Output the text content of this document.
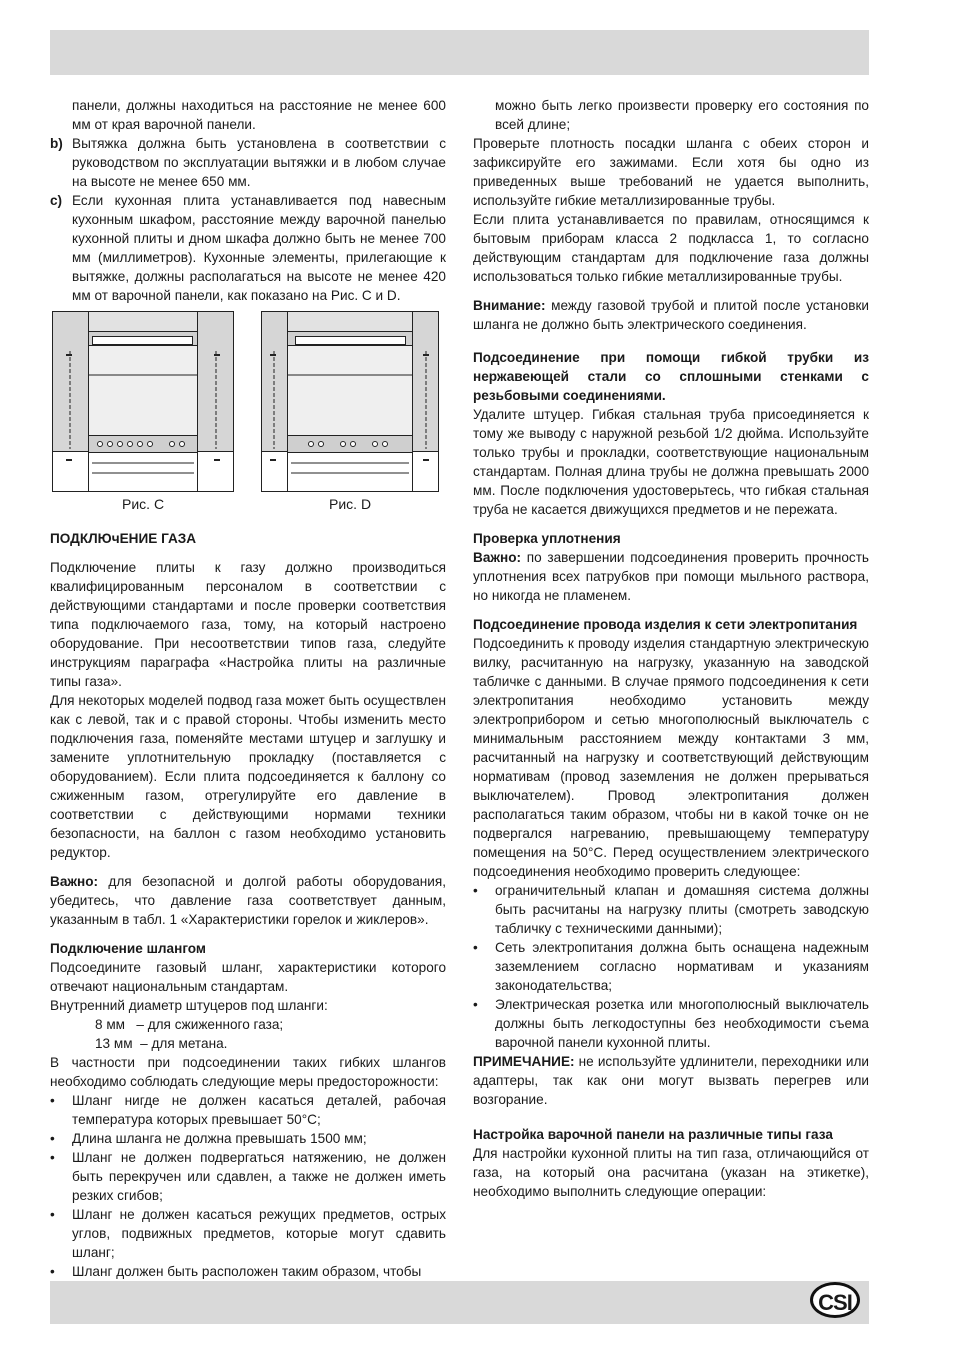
панели, должны находиться на расстояние не менее 600 мм от края варочной панели.

b) Вытяжка должна быть установлена в соответствии с руководством по эксплуатации вытяжки и в любом случае на высоте не менее 650 мм.
c) Если кухонная плита устанавливается под навесным кухонным шкафом, расстояние между варочной панелью кухонной плиты и дном шкафа должно быть не менее 700 мм (миллиметров). Кухонные элементы, прилегающие к вытяжке, должны располагаться на высоте не менее 420 мм от варочной панели, как показано на Рис. C и D.
Рис. C	Рис. D

ПОДКЛЮчЕНИЕ ГАЗА

Подключение плиты к газу должно производиться квалифицированным персоналом в соответствии с действующими стандартами и после проверки соответствия типа подключаемого газа, тому, на который настроено оборудование. При несоответствии типов газа, следуйте инструкциям параграфа «Настройка плиты на различные типы газа».

Для некоторых моделей подвод газа может быть осуществлен как с левой, так и с правой стороны. Чтобы изменить место подключения газа, поменяйте местами штуцер и заглушку и замените уплотнительную прокладку (поставляется с оборудованием). Если плита подсоединяется к баллону со сжиженным газом, отрегулируйте его давление в соответствии с действующими нормами техники безопасности, на баллон с газом необходимо установить редуктор.

Важно: для безопасной и долгой работы оборудования, убедитесь, что давление газа соответствует данным, указанным в табл. 1 «Характеристики горелок и жиклеров».

Подключение шлангом

Подсоедините газовый шланг, характеристики которого отвечают национальным стандартам.

Внутренний диаметр штуцеров под шланги:

8 мм   – для сжиженного газа;

13 мм  – для метана.

В частности при подсоединении таких гибких шлангов необходимо соблюдать следующие меры предосторожности:

• Шланг нигде не должен касаться деталей, рабочая температура которых превышает 50°C;
• Длина шланга не должна превышать 1500 мм;
• Шланг не должен подвергаться натяжению, не должен быть перекручен или сдавлен, а также не должен иметь резких сгибов;
• Шланг не должен касаться режущих предметов, острых углов, подвижных предметов, которые могут сдавить шланг;
• Шланг должен быть расположен таким образом, чтобы

можно быть легко произвести проверку его состояния по всей длине;

Проверьте плотность посадки шланга с обеих сторон и зафиксируйте его зажимами. Если хотя бы одно из приведенных выше требований не удается выполнить, используйте гибкие металлизированные трубы.

Если плита устанавливается по правилам, относящимся к бытовым приборам класса 2 подкласса 1, то согласно действующим стандартам для подключение газа должны использоваться только гибкие металлизированные трубы.

Внимание: между газовой трубой и плитой после установки шланга не должно быть электрического соединения.

Подсоединение при помощи гибкой трубки из нержавеющей стали со сплошными стенками с резьбовыми соединениями.

Удалите штуцер. Гибкая стальная труба присоединяется к тому же выводу с наружной резьбой 1/2 дюйма. Используйте только трубы и прокладки, соответствующие национальным стандартам. Полная длина трубы не должна превышать 2000 мм. После подключения удостоверьтесь, что гибкая стальная труба не касается движущихся предметов и не пережата.

Проверка уплотнения

Важно: по завершении подсоединения проверить прочность уплотнения всех патрубков при помощи мыльного раствора, но никогда не пламенем.

Подсоединение провода изделия к сети электропитания

Подсоединить к проводу изделия стандартную электрическую вилку, расчитанную на нагрузку, указанную на заводской табличке с данными. В случае прямого подсоединения к сети электропитания необходимо установить между электроприбором и сетью многополюсный выключатель с минимальным расстоянием между контактами 3 мм, расчитанный на нагрузку и соответствующий действующим нормативам (провод заземления не должен прерываться выключателем). Провод электропитания должен располагаться таким образом, чтобы ни в какой точке он не подвергался нагреванию, превышающему температуру помещения на 50°C. Перед осуществлением электрического подсоединения необходимо проверить следующее:

• ограничительный клапан и домашняя система должны быть расчитаны на нагрузку плиты (смотреть заводскую табличку с техническими данными);
• Сеть электропитания должна быть оснащена надежным заземлением согласно нормативам и указаниям законодательства;
• Электрическая розетка или многополюсный выключатель должны быть легкодоступны без необходимости съема варочной панели кухонной плиты.

ПРИМЕЧАНИЕ: не используйте удлинители, переходники или адаптеры, так как они могут вызвать перегрев или возгорание.

Настройка варочной панели на различные типы газа

Для настройки кухонной плиты на тип газа, отличающийся от газа, на который она расчитана (указан на этикетке), необходимо выполнить следующие операции:

CSI
